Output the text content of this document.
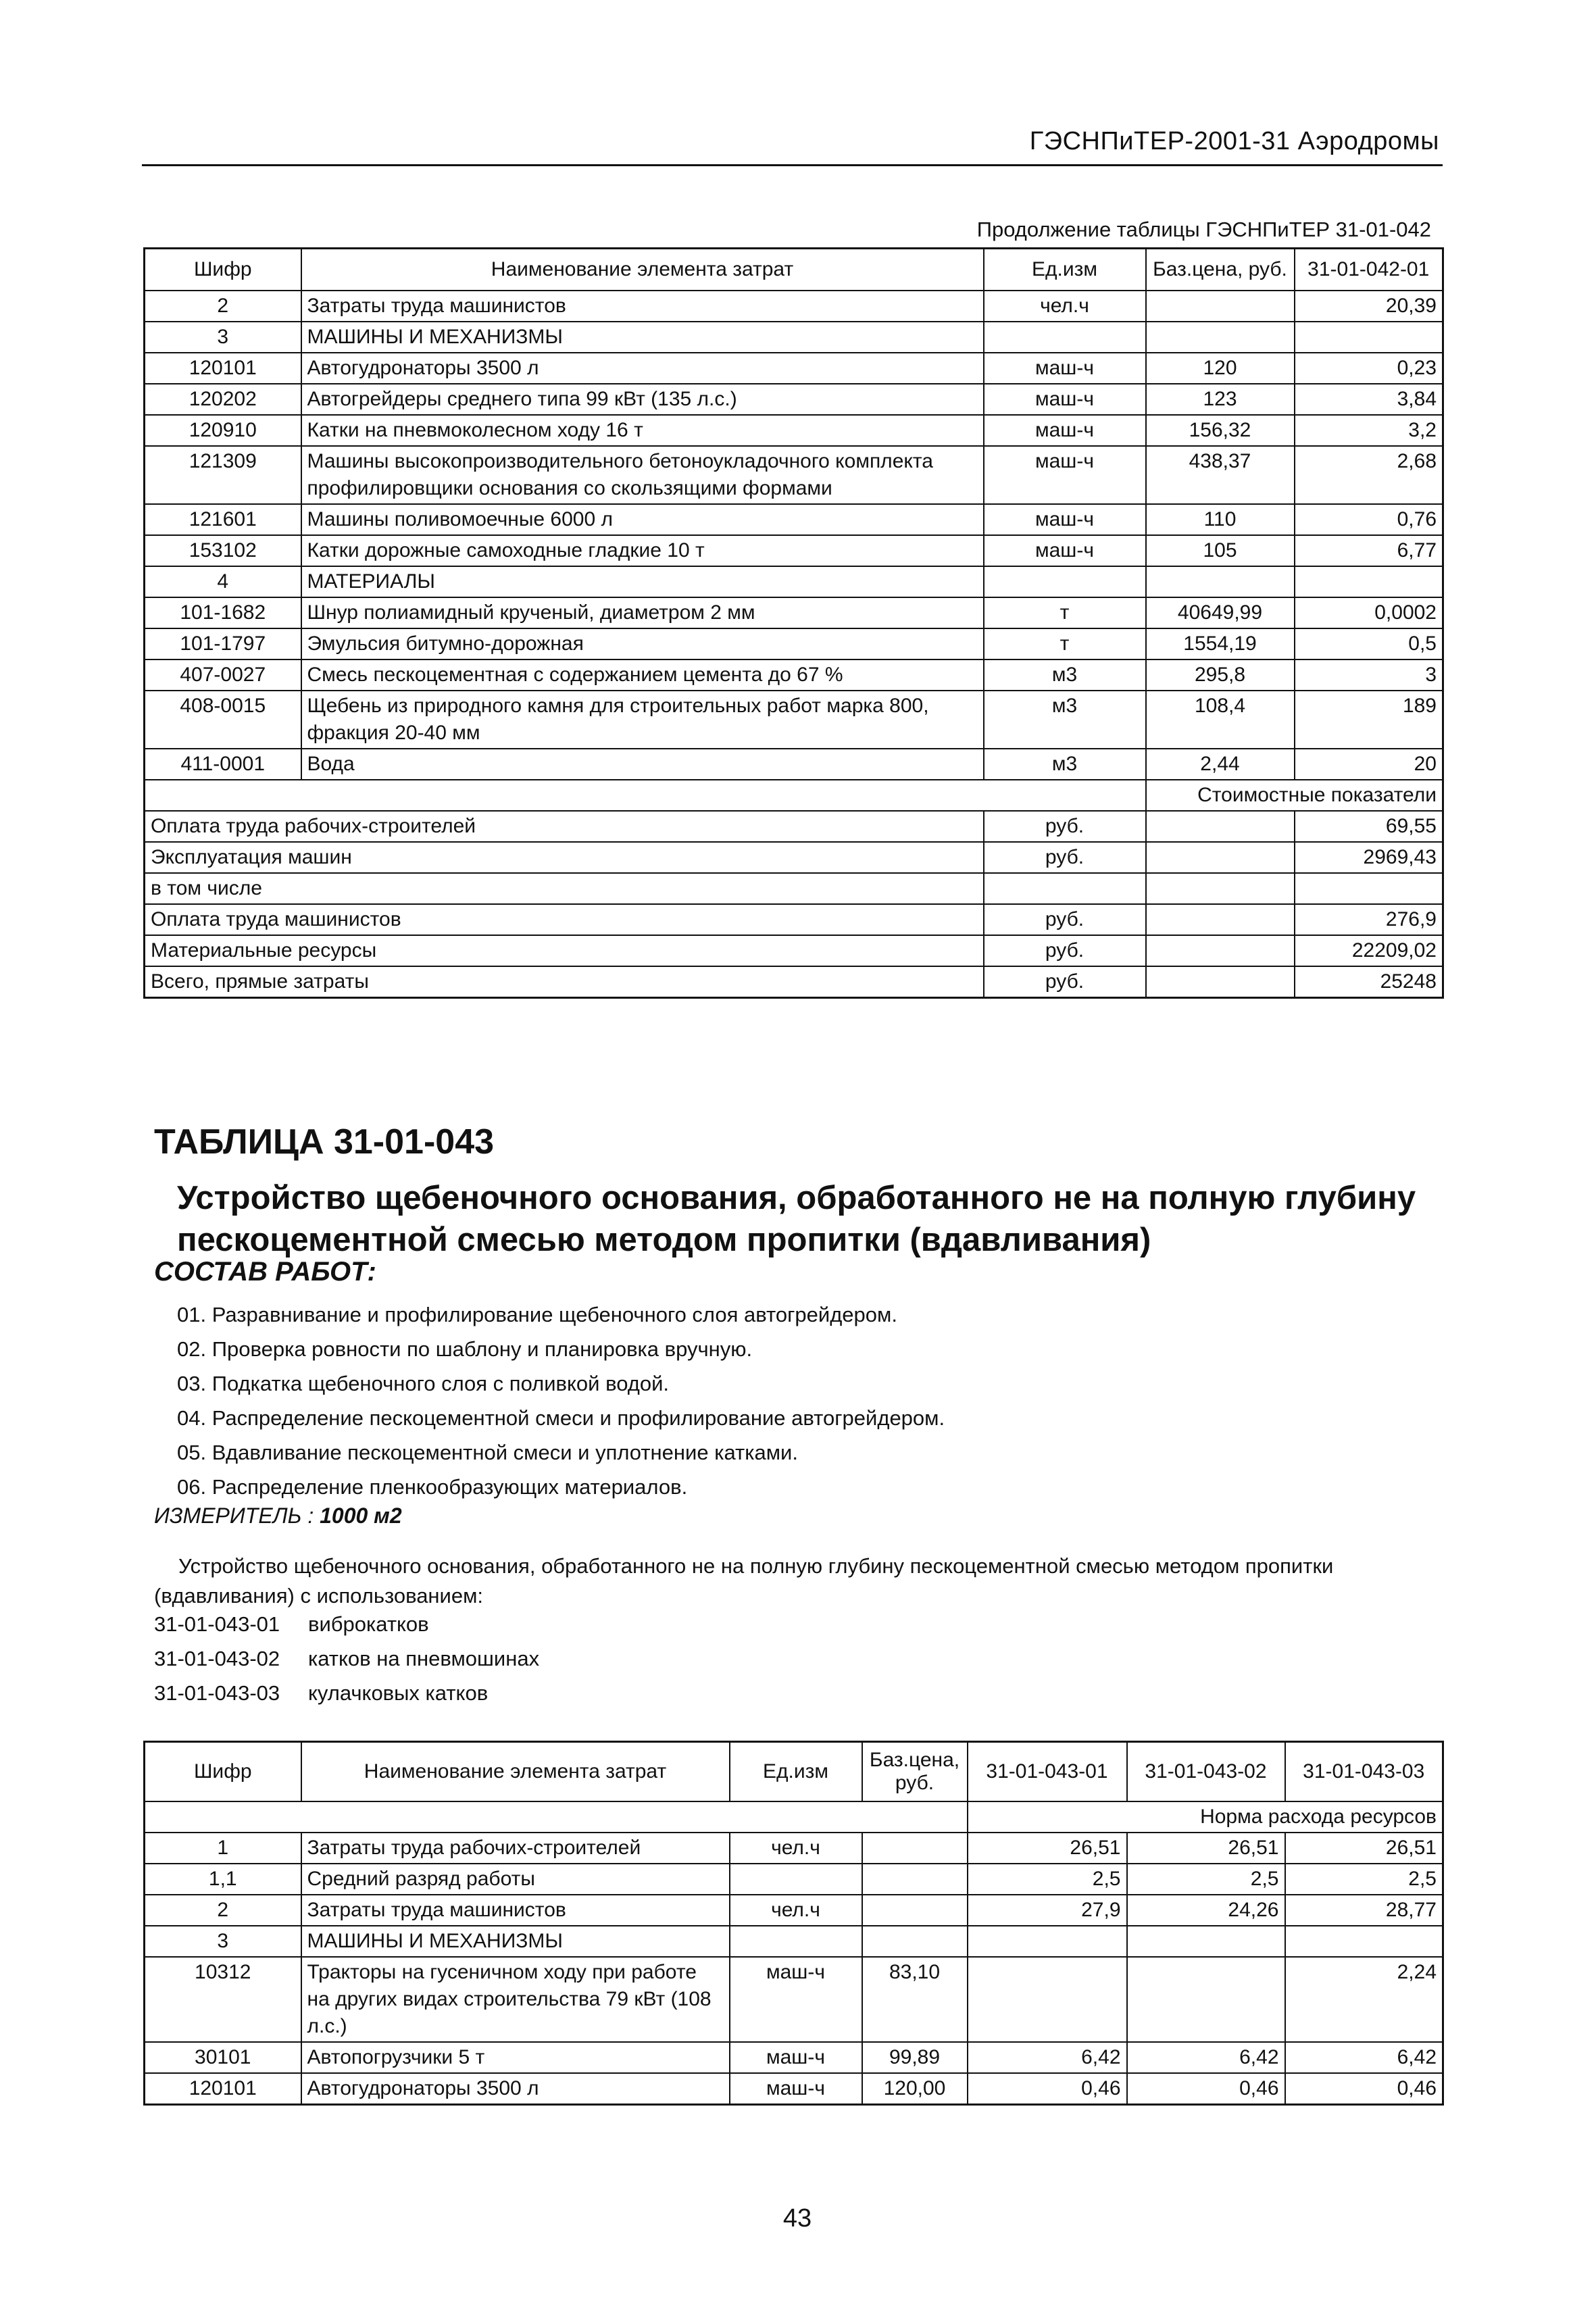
ГЭСНПиТЕР-2001-31 Аэродромы
Продолжение таблицы ГЭСНПиТЕР 31-01-042
Шифр	Наименование элемента затрат	Ед.изм	Баз.цена, руб.	31-01-042-01
2	Затраты труда машинистов	чел.ч		20,39
3	МАШИНЫ И МЕХАНИЗМЫ			
120101	Автогудронаторы 3500 л	маш-ч	120	0,23
120202	Автогрейдеры среднего типа 99 кВт (135 л.с.)	маш-ч	123	3,84
120910	Катки на пневмоколесном ходу 16 т	маш-ч	156,32	3,2
121309	Машины высокопроизводительного бетоноукладочного комплекта профилировщики основания со скользящими формами	маш-ч	438,37	2,68
121601	Машины поливомоечные 6000 л	маш-ч	110	0,76
153102	Катки дорожные самоходные гладкие 10 т	маш-ч	105	6,77
4	МАТЕРИАЛЫ			
101-1682	Шнур полиамидный крученый, диаметром 2 мм	т	40649,99	0,0002
101-1797	Эмульсия битумно-дорожная	т	1554,19	0,5
407-0027	Смесь пескоцементная с содержанием цемента до 67 %	м3	295,8	3
408-0015	Щебень из природного камня для строительных работ марка 800, фракция 20-40 мм	м3	108,4	189
411-0001	Вода	м3	2,44	20
			Стоимостные показатели	
Оплата труда рабочих-строителей		руб.		69,55
Эксплуатация машин		руб.		2969,43
в том числе				
Оплата труда машинистов		руб.		276,9
Материальные ресурсы		руб.		22209,02
Всего, прямые затраты		руб.		25248
ТАБЛИЦА 31-01-043
Устройство щебеночного основания, обработанного не на полную глубину пескоцементной смесью методом пропитки (вдавливания)
СОСТАВ РАБОТ:
01. Разравнивание и профилирование щебеночного слоя автогрейдером.
02. Проверка ровности по шаблону и планировка вручную.
03. Подкатка щебеночного слоя с поливкой водой.
04. Распределение пескоцементной смеси и профилирование автогрейдером.
05. Вдавливание пескоцементной смеси и уплотнение катками.
06. Распределение пленкообразующих материалов.
ИЗМЕРИТЕЛЬ : 1000 м2
Устройство щебеночного основания, обработанного не на полную глубину пескоцементной смесью методом пропитки (вдавливания) с использованием:
31-01-043-01 виброкатков
31-01-043-02 катков на пневмошинах
31-01-043-03 кулачковых катков
Шифр	Наименование элемента затрат	Ед.изм	Баз.цена, руб.	31-01-043-01	31-01-043-02	31-01-043-03
				Норма расхода ресурсов		
1	Затраты труда рабочих-строителей	чел.ч		26,51	26,51	26,51
1,1	Средний разряд работы			2,5	2,5	2,5
2	Затраты труда машинистов	чел.ч		27,9	24,26	28,77
3	МАШИНЫ И МЕХАНИЗМЫ					
10312	Тракторы на гусеничном ходу при работе на других видах строительства 79 кВт (108 л.с.)	маш-ч	83,10			2,24
30101	Автопогрузчики 5 т	маш-ч	99,89	6,42	6,42	6,42
120101	Автогудронаторы 3500 л	маш-ч	120,00	0,46	0,46	0,46
43
